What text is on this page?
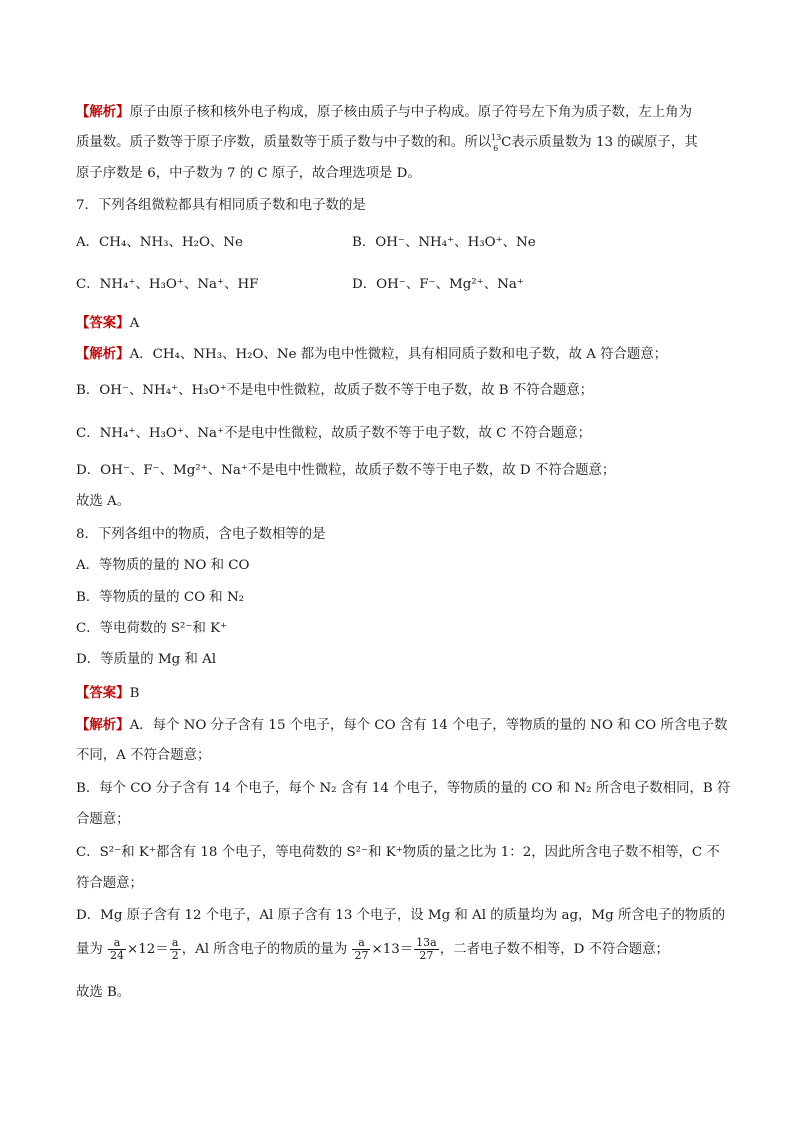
【解析】原子由原子核和核外电子构成，原子核由质子与中子构成。原子符号左下角为质子数，左上角为
质量数。质子数等于原子序数，质量数等于质子数与中子数的和。所以 13
6 C表示质量数为 13 的碳原子，其
原子序数是 6，中子数为 7 的 C 原子，故合理选项是 D。
7．下列各组微粒都具有相同质子数和电子数的是
A．CH₄、NH₃、H₂O、Ne	B．OH⁻、NH₄⁺、H₃O⁺、Ne
C．NH₄⁺、H₃O⁺、Na⁺、HF	D．OH⁻、F⁻、Mg²⁺、Na⁺
【答案】A
【解析】A．CH₄、NH₃、H₂O、Ne 都为电中性微粒，具有相同质子数和电子数，故 A 符合题意；
B．OH⁻、NH₄⁺、H₃O⁺不是电中性微粒，故质子数不等于电子数，故 B 不符合题意；
C．NH₄⁺、H₃O⁺、Na⁺不是电中性微粒，故质子数不等于电子数，故 C 不符合题意；
D．OH⁻、F⁻、Mg²⁺、Na⁺不是电中性微粒，故质子数不等于电子数，故 D 不符合题意；
故选 A。
8．下列各组中的物质，含电子数相等的是
A．等物质的量的 NO 和 CO
B．等物质的量的 CO 和 N₂
C．等电荷数的 S²⁻和 K⁺
D．等质量的 Mg 和 Al
【答案】B
【解析】A．每个 NO 分子含有 15 个电子，每个 CO 含有 14 个电子，等物质的量的 NO 和 CO 所含电子数
不同，A 不符合题意；
B．每个 CO 分子含有 14 个电子，每个 N₂ 含有 14 个电子，等物质的量的 CO 和 N₂ 所含电子数相同，B 符
合题意；
C．S²⁻和 K⁺都含有 18 个电子，等电荷数的 S²⁻和 K⁺物质的量之比为 1：2，因此所含电子数不相等，C 不
符合题意；
D．Mg 原子含有 12 个电子，Al 原子含有 13 个电子，设 Mg 和 Al 的质量均为 ag，Mg 所含电子的物质的
量为 $\frac{a}{24} \times 12= \frac{a}{2}$ ，Al 所含电子的物质的量为 $\frac{a}{27} \times 13= \frac{13a}{27}$ ，二者电子数不相等，D 不符合题意；
故选 B。
